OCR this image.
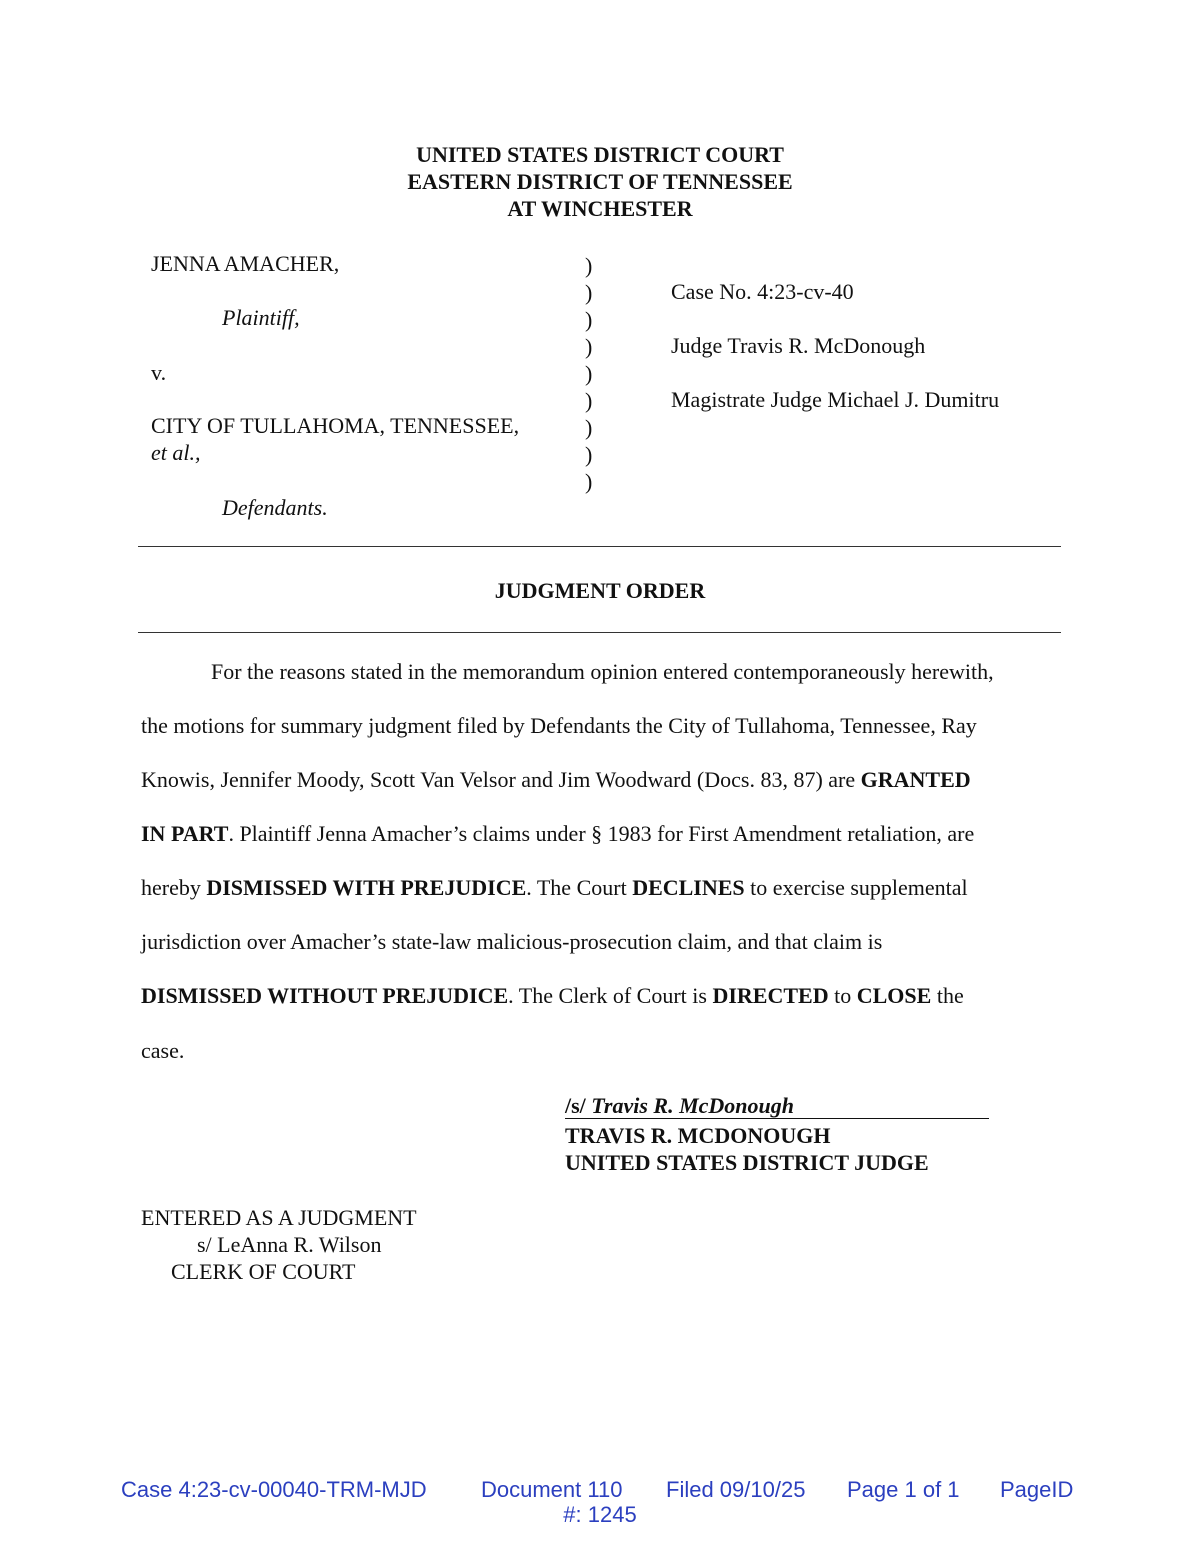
UNITED STATES DISTRICT COURT
EASTERN DISTRICT OF TENNESSEE
AT WINCHESTER
JENNA AMACHER,
Plaintiff,
v.
CITY OF TULLAHOMA, TENNESSEE,
et al.,
Defendants.
)
)
)
)
)
)
)
)
)
Case No. 4:23-cv-40
Judge Travis R. McDonough
Magistrate Judge Michael J. Dumitru
JUDGMENT ORDER
For the reasons stated in the memorandum opinion entered contemporaneously herewith,
the motions for summary judgment filed by Defendants the City of Tullahoma, Tennessee, Ray
Knowis, Jennifer Moody, Scott Van Velsor and Jim Woodward (Docs. 83, 87) are GRANTED
IN PART. Plaintiff Jenna Amacher’s claims under § 1983 for First Amendment retaliation, are
hereby DISMISSED WITH PREJUDICE. The Court DECLINES to exercise supplemental
jurisdiction over Amacher’s state-law malicious-prosecution claim, and that claim is
DISMISSED WITHOUT PREJUDICE. The Clerk of Court is DIRECTED to CLOSE the
case.
/s/ Travis R. McDonough
TRAVIS R. MCDONOUGH
UNITED STATES DISTRICT JUDGE
ENTERED AS A JUDGMENT
s/ LeAnna R. Wilson
CLERK OF COURT
Case 4:23-cv-00040-TRM-MJD Document 110 Filed 09/10/25 Page 1 of 1 PageID
#: 1245
